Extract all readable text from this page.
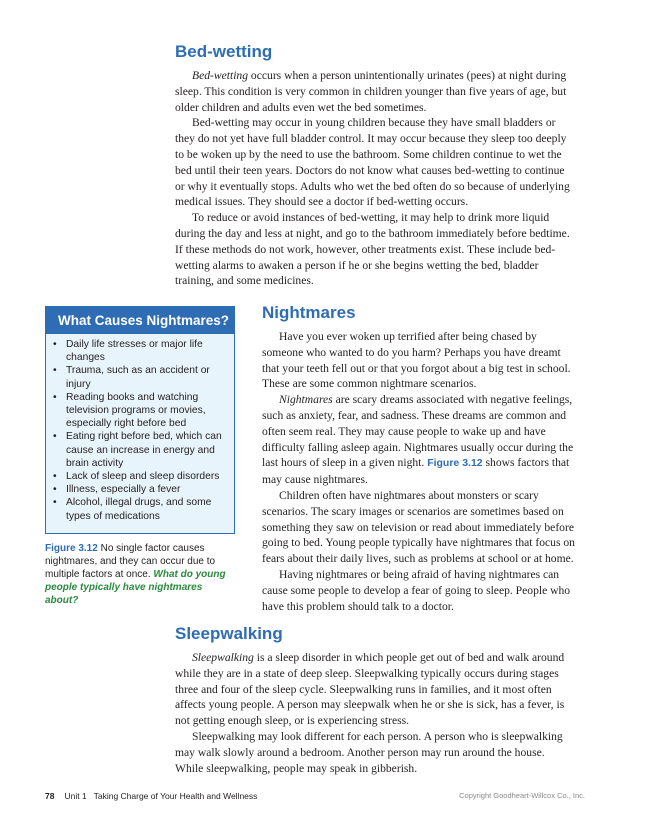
Bed-wetting

Bed-wetting occurs when a person unintentionally urinates (pees) at night during sleep. This condition is very common in children younger than five years of age, but older children and adults even wet the bed sometimes.

Bed-wetting may occur in young children because they have small bladders or they do not yet have full bladder control. It may occur because they sleep too deeply to be woken up by the need to use the bathroom. Some children continue to wet the bed until their teen years. Doctors do not know what causes bed-wetting to continue or why it eventually stops. Adults who wet the bed often do so because of underlying medical issues. They should see a doctor if bed-wetting occurs.

To reduce or avoid instances of bed-wetting, it may help to drink more liquid during the day and less at night, and go to the bathroom immediately before bedtime. If these methods do not work, however, other treatments exist. These include bed-wetting alarms to awaken a person if he or she begins wetting the bed, bladder training, and some medicines.

What Causes Nightmares?
• Daily life stresses or major life changes
• Trauma, such as an accident or injury
• Reading books and watching television programs or movies, especially right before bed
• Eating right before bed, which can cause an increase in energy and brain activity
• Lack of sleep and sleep disorders
• Illness, especially a fever
• Alcohol, illegal drugs, and some types of medications
Figure 3.12 No single factor causes nightmares, and they can occur due to multiple factors at once. What do young people typically have nightmares about?
Nightmares

Have you ever woken up terrified after being chased by someone who wanted to do you harm? Perhaps you have dreamt that your teeth fell out or that you forgot about a big test in school. These are some common nightmare scenarios.

Nightmares are scary dreams associated with negative feelings, such as anxiety, fear, and sadness. These dreams are common and often seem real. They may cause people to wake up and have difficulty falling asleep again. Nightmares usually occur during the last hours of sleep in a given night. Figure 3.12 shows factors that may cause nightmares.

Children often have nightmares about monsters or scary scenarios. The scary images or scenarios are sometimes based on something they saw on television or read about immediately before going to bed. Young people typically have nightmares that focus on fears about their daily lives, such as problems at school or at home.

Having nightmares or being afraid of having nightmares can cause some people to develop a fear of going to sleep. People who have this problem should talk to a doctor.

Sleepwalking

Sleepwalking is a sleep disorder in which people get out of bed and walk around while they are in a state of deep sleep. Sleepwalking typically occurs during stages three and four of the sleep cycle. Sleepwalking runs in families, and it most often affects young people. A person may sleepwalk when he or she is sick, has a fever, is not getting enough sleep, or is experiencing stress.

Sleepwalking may look different for each person. A person who is sleepwalking may walk slowly around a bedroom. Another person may run around the house. While sleepwalking, people may speak in gibberish.

78 Unit 1   Taking Charge of Your Health and Wellness	Copyright Goodheart-Willcox Co., Inc.
